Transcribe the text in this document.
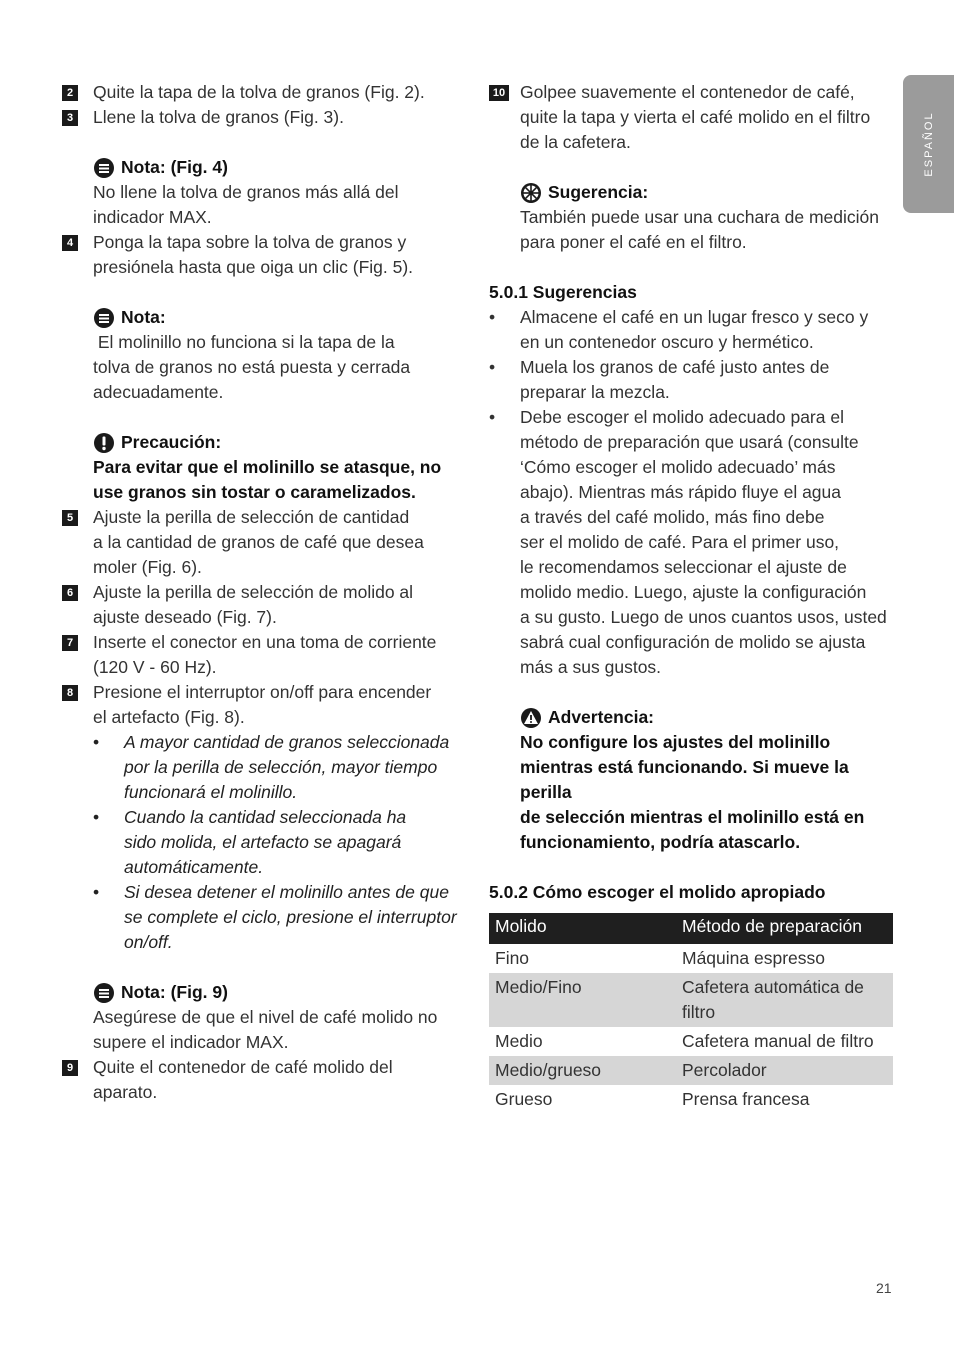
ESPAÑOL
2 Quite la tapa de la tolva de granos (Fig. 2).
3 Llene la tolva de granos (Fig. 3).
Nota: (Fig. 4)
No llene la tolva de granos más allá del
indicador MAX.
4 Ponga la tapa sobre la tolva de granos y
presiónela hasta que oiga un clic (Fig. 5).
Nota:
El molinillo no funciona si la tapa de la
tolva de granos no está puesta y cerrada
adecuadamente.
Precaución:
Para evitar que el molinillo se atasque, no
use granos sin tostar o caramelizados.
5 Ajuste la perilla de selección de cantidad
a la cantidad de granos de café que desea
moler (Fig. 6).
6 Ajuste la perilla de selección de molido al
ajuste deseado (Fig. 7).
7 Inserte el conector en una toma de corriente
(120 V - 60 Hz).
8 Presione el interruptor on/off para encender
el artefacto (Fig. 8).
• A mayor cantidad de granos seleccionada
por la perilla de selección, mayor tiempo
funcionará el molinillo.
• Cuando la cantidad seleccionada ha
sido molida, el artefacto se apagará
automáticamente.
• Si desea detener el molinillo antes de que
se complete el ciclo, presione el interruptor
on/off.
Nota: (Fig. 9)
Asegúrese de que el nivel de café molido no
supere el indicador MAX.
9 Quite el contenedor de café molido del
aparato.
10 Golpee suavemente el contenedor de café,
quite la tapa y vierta el café molido en el filtro
de la cafetera.
Sugerencia:
También puede usar una cuchara de medición
para poner el café en el filtro.
5.0.1 Sugerencias
• Almacene el café en un lugar fresco y seco y
en un contenedor oscuro y hermético.
• Muela los granos de café justo antes de
preparar la mezcla.
• Debe escoger el molido adecuado para el
método de preparación que usará (consulte
‘Cómo escoger el molido adecuado’ más
abajo). Mientras más rápido fluye el agua
a través del café molido, más fino debe
ser el molido de café. Para el primer uso,
le recomendamos seleccionar el ajuste de
molido medio. Luego, ajuste la configuración
a su gusto. Luego de unos cuantos usos, usted
sabrá cual configuración de molido se ajusta
más a sus gustos.
Advertencia:
No configure los ajustes del molinillo
mientras está funcionando. Si mueve la perilla
de selección mientras el molinillo está en
funcionamiento, podría atascarlo.
5.0.2 Cómo escoger el molido apropiado
Molido	Método de preparación
Fino	Máquina espresso
Medio/Fino	Cafetera automática de
filtro

Medio	Cafetera manual de filtro
Medio/grueso	Percolador
Grueso	Prensa francesa
21
